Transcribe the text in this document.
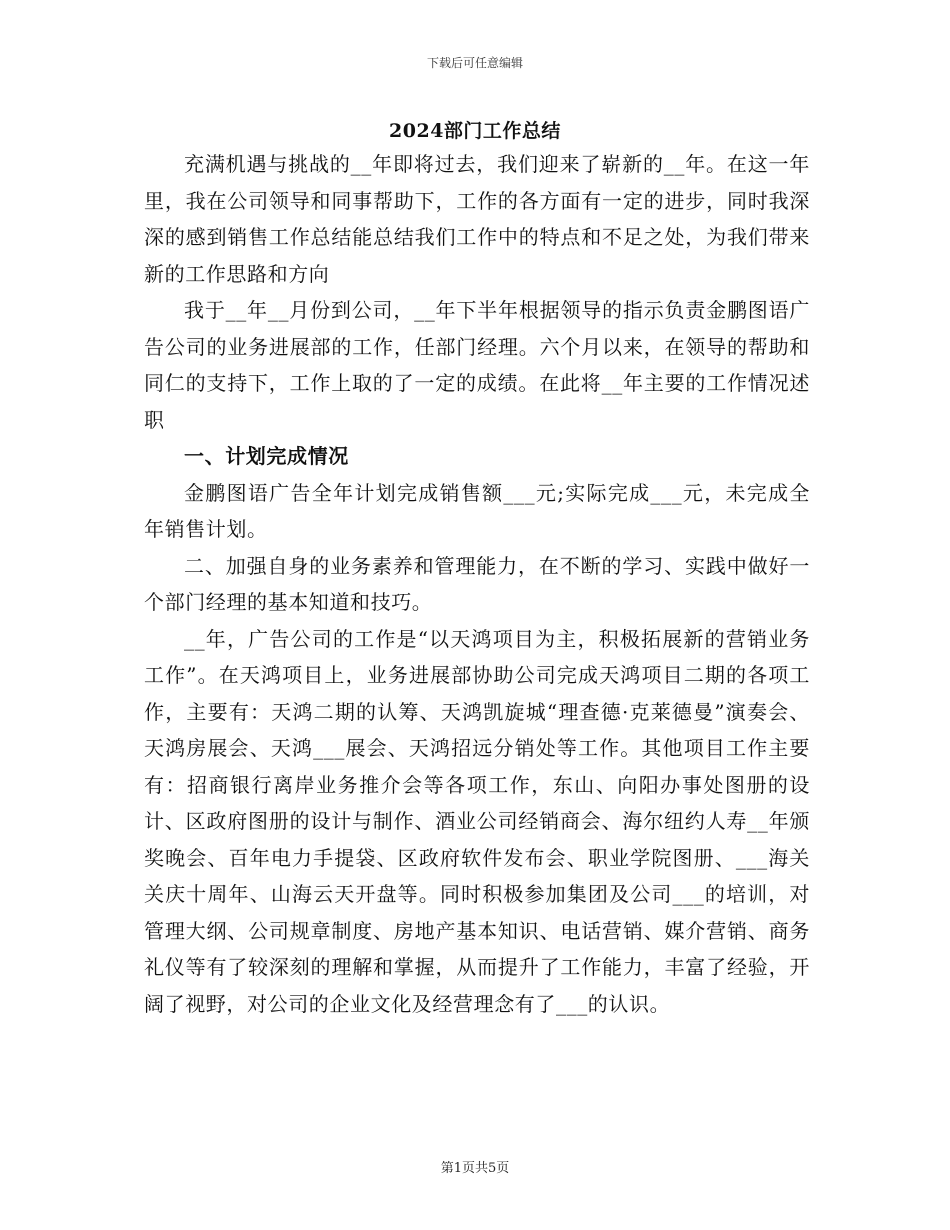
下载后可任意编辑
2024部门工作总结

充满机遇与挑战的__年即将过去，我们迎来了崭新的__年。在这一年里，我在公司领导和同事帮助下，工作的各方面有一定的进步，同时我深深的感到销售工作总结能总结我们工作中的特点和不足之处，为我们带来新的工作思路和方向

我于__年__月份到公司，__年下半年根据领导的指示负责金鹏图语广告公司的业务进展部的工作，任部门经理。六个月以来，在领导的帮助和同仁的支持下，工作上取的了一定的成绩。在此将__年主要的工作情况述职

一、计划完成情况

金鹏图语广告全年计划完成销售额___元;实际完成___元，未完成全年销售计划。

二、加强自身的业务素养和管理能力，在不断的学习、实践中做好一个部门经理的基本知道和技巧。

__年，广告公司的工作是“以天鸿项目为主，积极拓展新的营销业务工作”。在天鸿项目上，业务进展部协助公司完成天鸿项目二期的各项工作，主要有：天鸿二期的认筹、天鸿凯旋城“理查德·克莱德曼”演奏会、天鸿房展会、天鸿___展会、天鸿招远分销处等工作。其他项目工作主要有：招商银行离岸业务推介会等各项工作，东山、向阳办事处图册的设计、区政府图册的设计与制作、酒业公司经销商会、海尔纽约人寿__年颁奖晚会、百年电力手提袋、区政府软件发布会、职业学院图册、___海关关庆十周年、山海云天开盘等。同时积极参加集团及公司___的培训，对管理大纲、公司规章制度、房地产基本知识、电话营销、媒介营销、商务礼仪等有了较深刻的理解和掌握，从而提升了工作能力，丰富了经验，开阔了视野，对公司的企业文化及经营理念有了___的认识。

第1页共5页
